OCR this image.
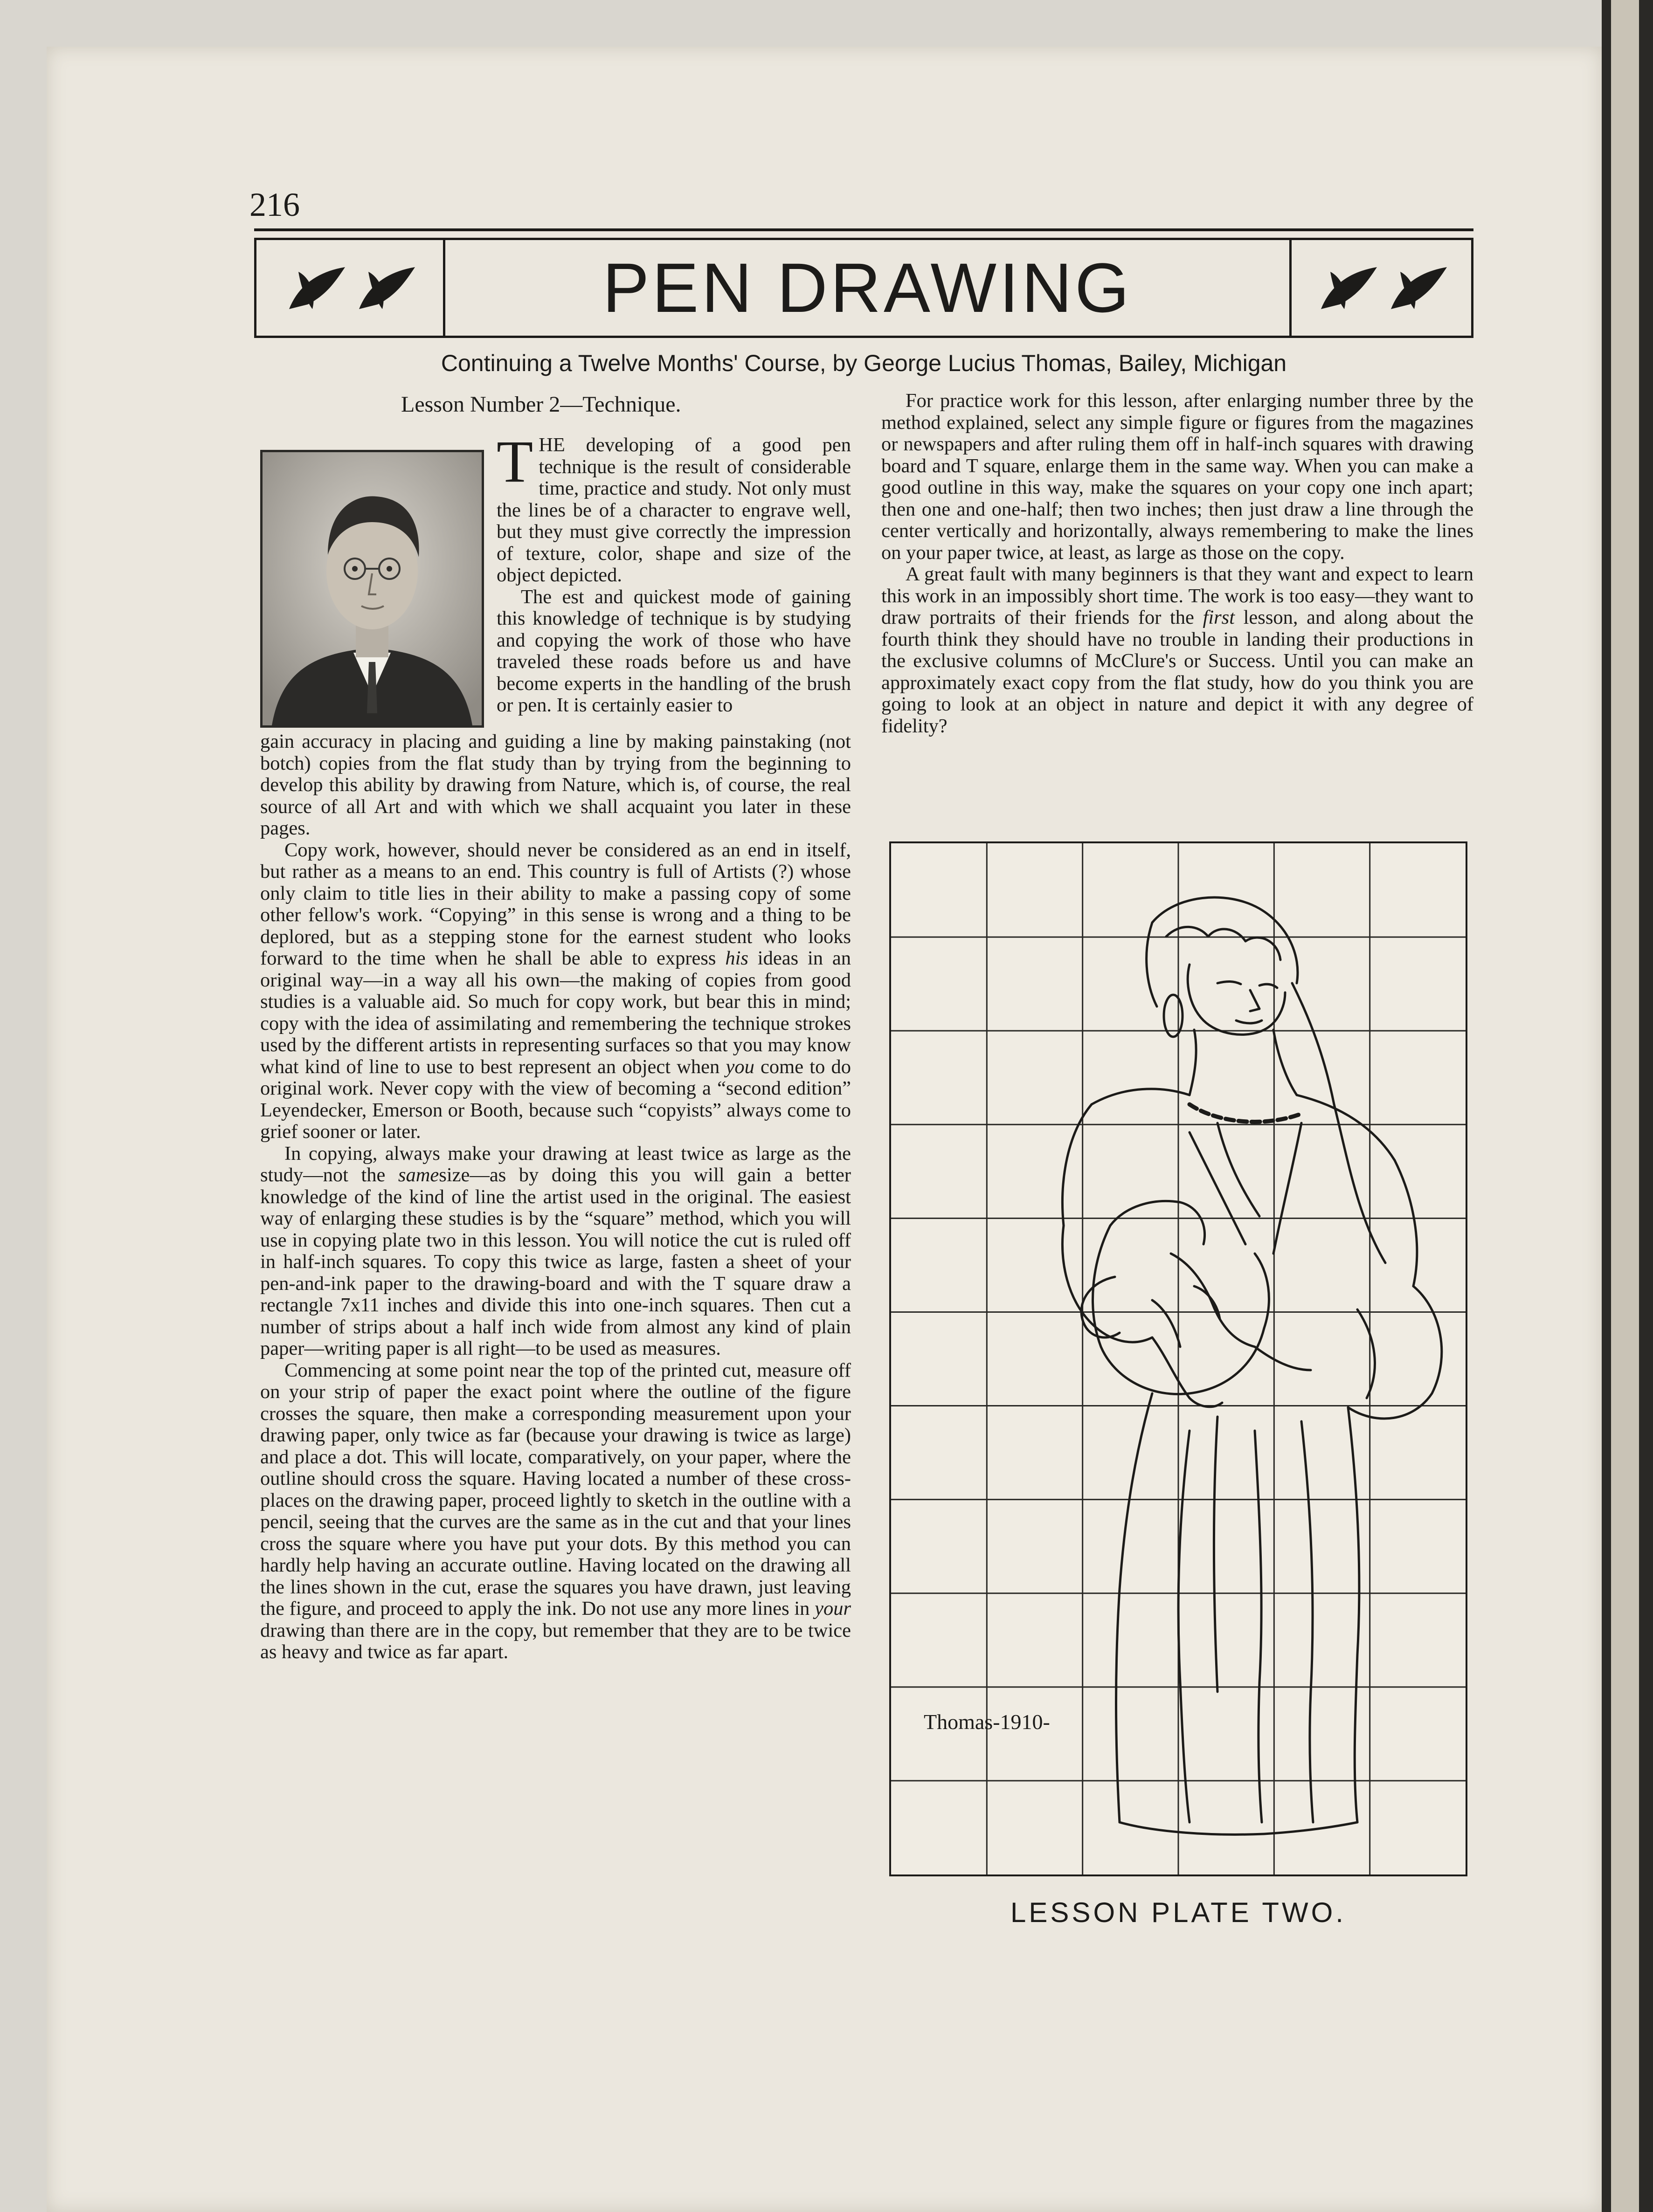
216
PEN DRAWING
Continuing a Twelve Months' Course, by George Lucius Thomas, Bailey, Michigan
Lesson Number 2—Technique.

THE developing of a good pen technique is the result of considerable time, practice and study. Not only must the lines be of a character to engrave well, but they must give correctly the impression of texture, color, shape and size of the object depicted.

The est and quickest mode of gaining this knowledge of technique is by studying and copying the work of those who have traveled these roads before us and have become experts in the handling of the brush or pen. It is certainly easier to

gain accuracy in placing and guiding a line by making painstaking (not botch) copies from the flat study than by trying from the beginning to develop this ability by drawing from Nature, which is, of course, the real source of all Art and with which we shall acquaint you later in these pages.

Copy work, however, should never be considered as an end in itself, but rather as a means to an end. This country is full of Artists (?) whose only claim to title lies in their ability to make a passing copy of some other fellow's work. “Copying” in this sense is wrong and a thing to be deplored, but as a stepping stone for the earnest student who looks forward to the time when he shall be able to express his ideas in an original way—in a way all his own—the making of copies from good studies is a valuable aid. So much for copy work, but bear this in mind; copy with the idea of assimilating and remembering the technique strokes used by the different artists in representing surfaces so that you may know what kind of line to use to best represent an object when you come to do original work. Never copy with the view of becoming a “second edition” Leyendecker, Emerson or Booth, because such “copyists” always come to grief sooner or later.

In copying, always make your drawing at least twice as large as the study—not the samesize—as by doing this you will gain a better knowledge of the kind of line the artist used in the original. The easiest way of enlarging these studies is by the “square” method, which you will use in copying plate two in this lesson. You will notice the cut is ruled off in half-inch squares. To copy this twice as large, fasten a sheet of your pen-and-ink paper to the drawing-board and with the T square draw a rectangle 7x11 inches and divide this into one-inch squares. Then cut a number of strips about a half inch wide from almost any kind of plain paper—writing paper is all right—to be used as measures.

Commencing at some point near the top of the printed cut, measure off on your strip of paper the exact point where the outline of the figure crosses the square, then make a corresponding measurement upon your drawing paper, only twice as far (because your drawing is twice as large) and place a dot. This will locate, comparatively, on your paper, where the outline should cross the square. Having located a number of these cross-places on the drawing paper, proceed lightly to sketch in the outline with a pencil, seeing that the curves are the same as in the cut and that your lines cross the square where you have put your dots. By this method you can hardly help having an accurate outline. Having located on the drawing all the lines shown in the cut, erase the squares you have drawn, just leaving the figure, and proceed to apply the ink. Do not use any more lines in your drawing than there are in the copy, but remember that they are to be twice as heavy and twice as far apart.

For practice work for this lesson, after enlarging number three by the method explained, select any simple figure or figures from the magazines or newspapers and after ruling them off in half-inch squares with drawing board and T square, enlarge them in the same way. When you can make a good outline in this way, make the squares on your copy one inch apart; then one and one-half; then two inches; then just draw a line through the center vertically and horizontally, always remembering to make the lines on your paper twice, at least, as large as those on the copy.

A great fault with many beginners is that they want and expect to learn this work in an impossibly short time. The work is too easy—they want to draw portraits of their friends for the first lesson, and along about the fourth think they should have no trouble in landing their productions in the exclusive columns of McClure's or Success. Until you can make an approximately exact copy from the flat study, how do you think you are going to look at an object in nature and depict it with any degree of fidelity?

Thomas-1910-
LESSON PLATE TWO.
